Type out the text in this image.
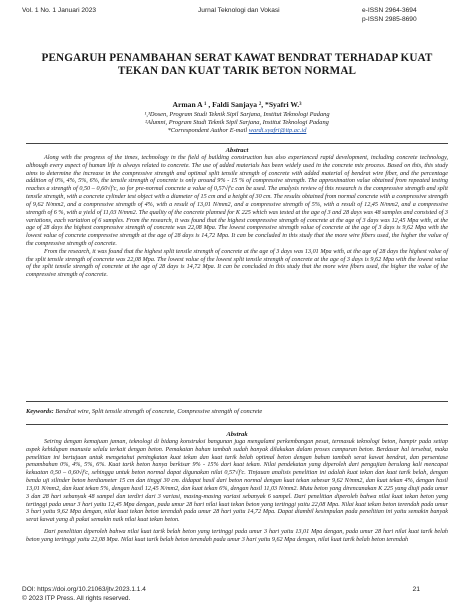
Vol. 1 No. 1 Januari 2023	Jurnal Teknologi dan Vokasi	e-ISSN 2964-3694
p-ISSN 2985-8690
PENGARUH PENAMBAHAN SERAT KAWAT BENDRAT TERHADAP KUAT TEKAN DAN KUAT TARIK BETON NORMAL
Arman A ¹ , Faldi Sanjaya ², *Syafri W.³
¹,³Dosen, Program Studi Teknik Sipil Sarjana, Institut Teknologi Padang
²Alumni, Program Studi Teknik Sipil Sarjana, Institut Teknologi Padang
*Correspondent Author E-mail wardi.syafri@itp.ac.id
Abstract

Along with the progress of the times, technology in the field of building construction has also experienced rapid development, including concrete technology, although every aspect of human life is always related to concrete. The use of added materials has been widely used in the concrete mix process. Based on this, this study aims to determine the increase in the compressive strength and optimal split tensile strength of concrete with added material of bendrat wire fiber, and the percentage addition of 0%, 4%, 5%, 6%, the tensile strength of concrete is only around 9% - 15 % of compressive strength. The approximation value obtained from repeated testing reaches a strength of 0,50 – 0,60√f'c, so for pre-normal concrete a value of 0,57√f'c can be used. The analysis review of this research is the compressive strength and split tensile strength, with a concrete cylinder test object with a diameter of 15 cm and a height of 30 cm. The results obtained from normal concrete with a compressive strength of 9,62 N/mm2, and a compressive strength of 4%, with a result of 13,01 N/mm2, and a compressive strength of 5%, with a result of 12,45 N/mm2, and a compressive strength of 6 %, with a yield of 11,03 N/mm2. The quality of the concrete planned for K 225 which was tested at the age of 3 and 28 days was 48 samples and consisted of 3 variations, each variation of 6 samples. From the research, it was found that the highest compressive strength of concrete at the age of 3 days was 12,45 Mpa with, at the age of 28 days the highest compressive strength of concrete was 22,08 Mpa. The lowest compressive strength value of concrete at the age of 3 days is 9,62 Mpa with the lowest value of concrete compressive strength at the age of 28 days is 14,72 Mpa. It can be concluded in this study that the more wire fibers used, the higher the value of the compressive strength of concrete.

From the research, it was found that the highest split tensile strength of concrete at the age of 3 days was 13,01 Mpa with, at the age of 28 days the highest value of the split tensile strength of concrete was 22,08 Mpa. The lowest value of the lowest split tensile strength of concrete at the age of 3 days is 9,62 Mpa with the lowest value of the split tensile strength of concrete at the age of 28 days is 14,72 Mpa. It can be concluded in this study that the more wire fibers used, the higher the value of the compressive strength of concrete.

Keywords: Bendrat wire, Split tensile strength of concrete, Compressive strength of concrete
Abstrak

Seiring dengan kemajuan jaman, teknologi di bidang konstruksi bangunan juga mengalami perkembangan pesat, termasuk teknologi beton, hampir pada setiap aspek kehidupan manusia selalu terkait dengan beton. Pemakaian bahan tambah sudah banyak dilakukan dalam proses campuran beton. Berdasar hal tersebut, maka penelitian ini bertujuan untuk mengetahui peningkatan kuat tekan dan kuat tarik belah optimal beton dengan bahan tambah serat kawat bendrat, dan persentase penambahan 0%, 4%, 5%, 6%. Kuat tarik beton hanya berkisar 9% - 15% dari kuat tekan. Nilai pendekatan yang diperoleh dari pengujian berulang kali mencapai kekuatan 0,50 – 0,60√f'c, sehingga untuk beton normal dapat digunakan nilai 0,57√f'c. Tinjauan analisis penelitian ini adalah kuat tekan dan kuat tarik belah, dengan benda uji silinder beton berdiameter 15 cm dan tinggi 30 cm. didapat hasil dari beton normal dengan kuat tekan sebesar 9,62 N/mm2, dan kuat tekan 4%, dengan hasil 13,01 N/mm2, dan kuat tekan 5%, dengan hasil 12,45 N/mm2, dan kuat tekan 6%, dengan hasil 11,03 N/mm2. Mutu beton yang direncanakan K 225 yang diuji pada umur 3 dan 28 hari sebanyak 48 sampel dan terdiri dari 3 variasi, masing-masing variasi sebanyak 6 sampel. Dari penelitian diperoleh bahwa nilai kuat tekan beton yang tertinggi pada umur 3 hari yaitu 12,45 Mpa dengan, pada umur 28 hari nilai kuat tekan beton yang tertinggi yaitu 22,08 Mpa. Nilai kuat tekan beton terendah pada umur 3 hari yaitu 9,62 Mpa dengan, nilai kuat tekan beton terendah pada umur 28 hari yaitu 14,72 Mpa. Dapat diambil kesimpulan pada penelitian ini yaitu semakin banyak serat kawat yang di pakai semakin naik nilai kuat tekan beton.

Dari penelitian diperoleh bahwa nilai kuat tarik belah beton yang tertinggi pada umur 3 hari yaitu 13,01 Mpa dengan, pada umur 28 hari nilai kuat tarik belah beton yang tertinggi yaitu 22,08 Mpa. Nilai kuat tarik belah beton terendah pada umur 3 hari yaitu 9,62 Mpa dengan, nilai kuat tarik belah beton terendah

DOI: https://doi.org/10.21063/jtv.2023.1.1.4
© 2023 ITP Press. All rights reserved.
21
